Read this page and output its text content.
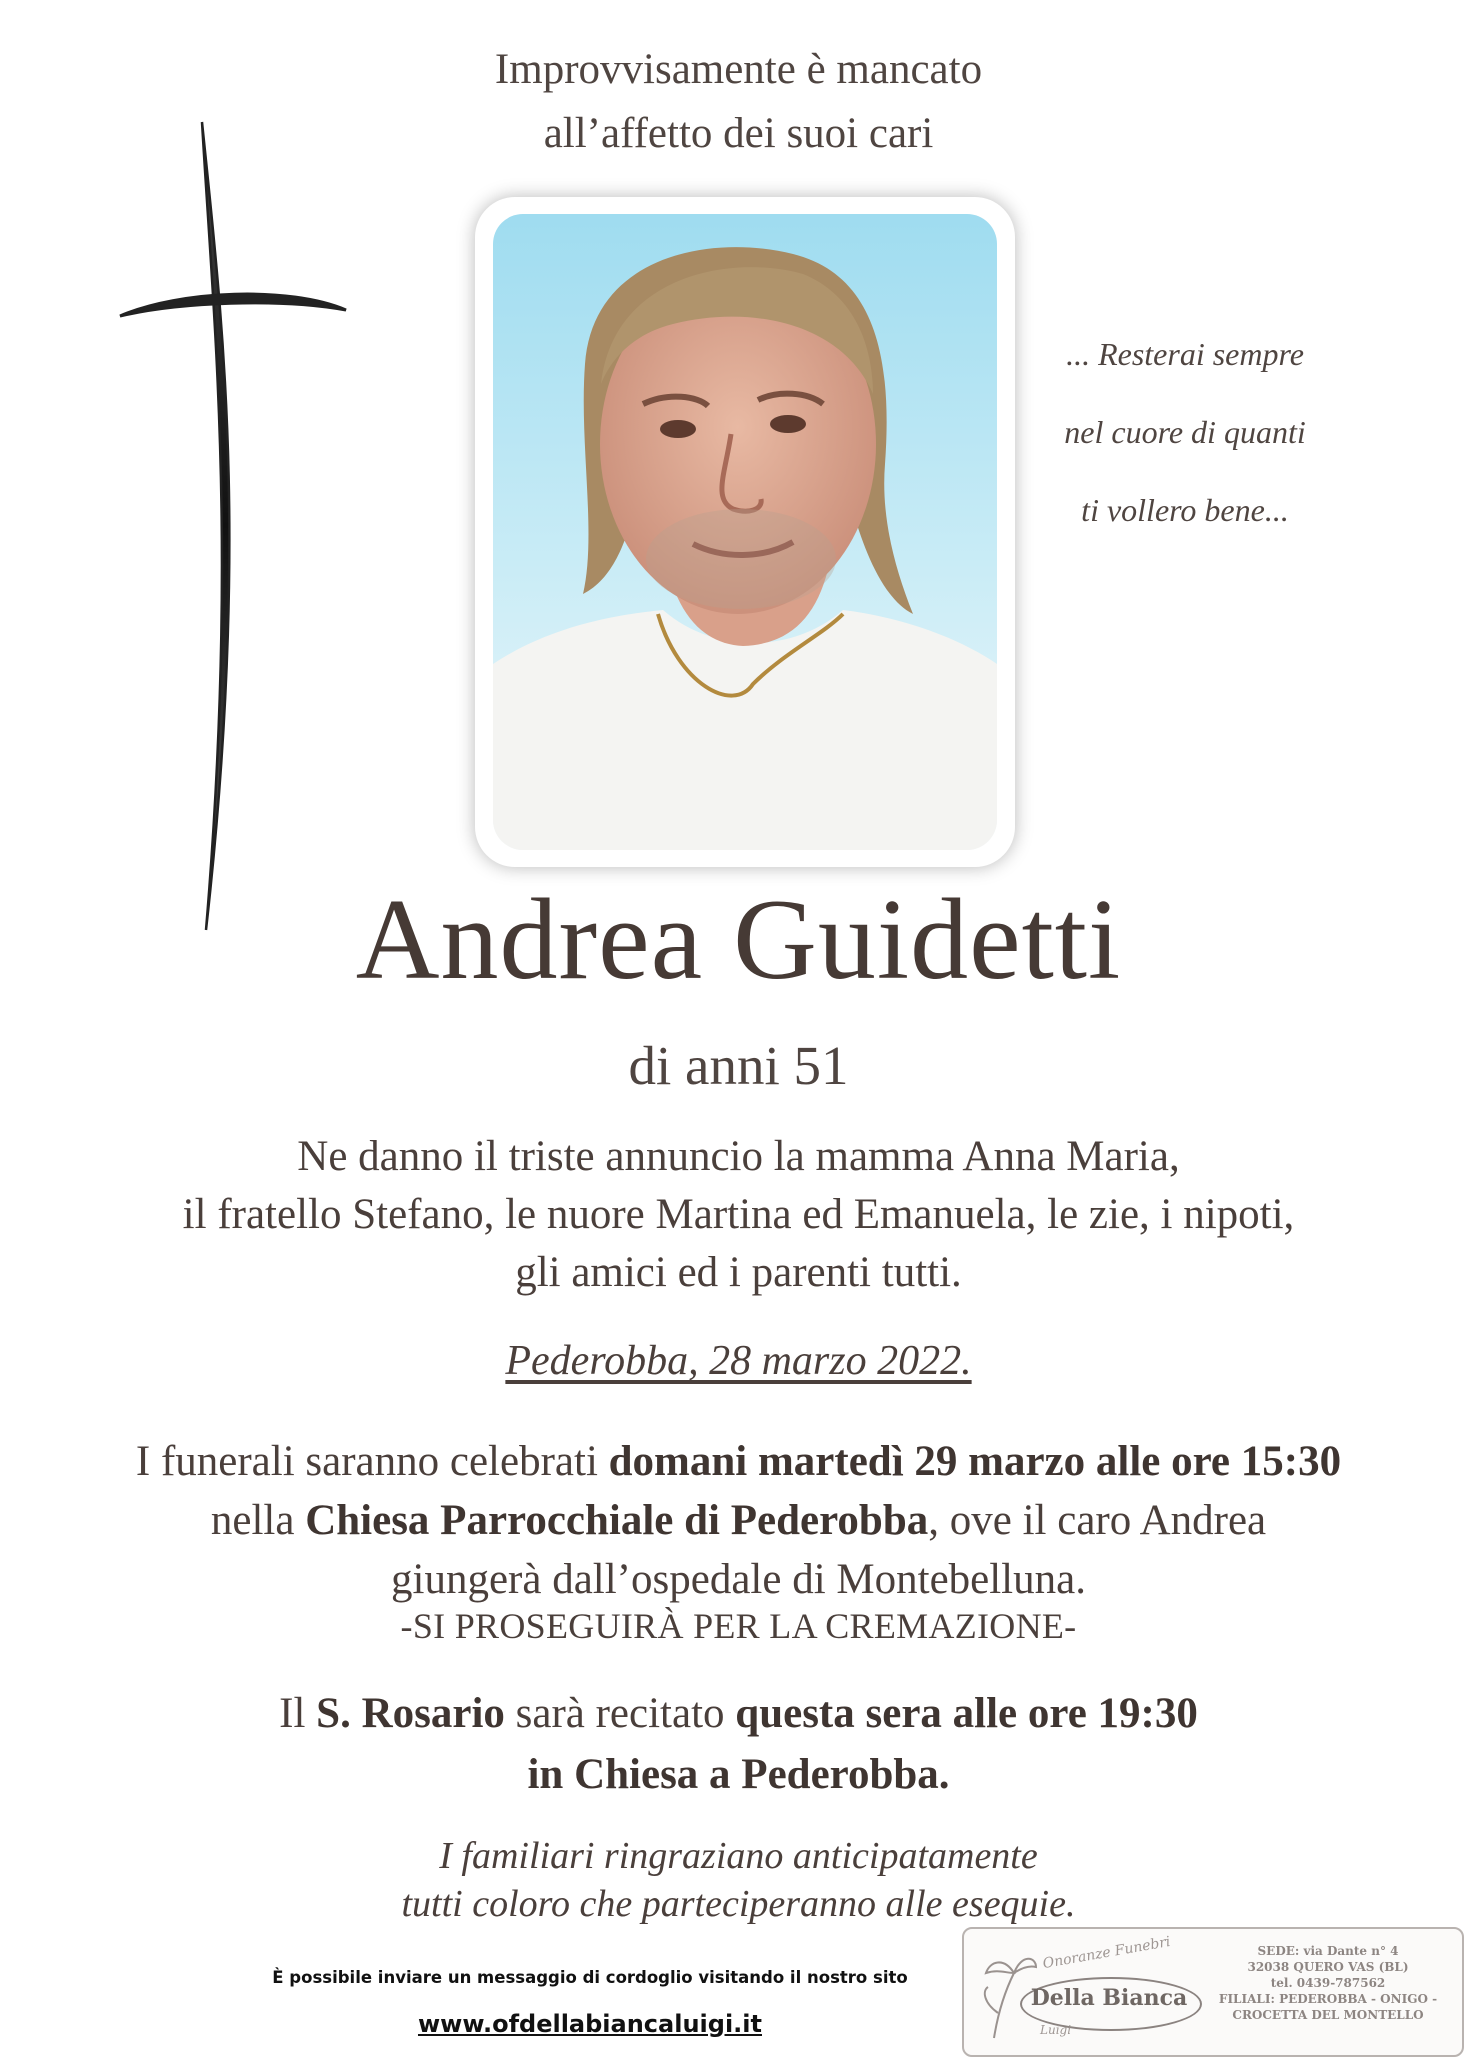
Improvvisamente è mancato
all’affetto dei suoi cari
... Resterai sempre
nel cuore di quanti
ti vollero bene...
Andrea Guidetti
di anni 51
Ne danno il triste annuncio la mamma Anna Maria,
il fratello Stefano, le nuore Martina ed Emanuela, le zie, i nipoti,
gli amici ed i parenti tutti.
Pederobba, 28 marzo 2022.
I funerali saranno celebrati domani martedì 29 marzo alle ore 15:30
nella Chiesa Parrocchiale di Pederobba, ove il caro Andrea
giungerà dall’ospedale di Montebelluna.
-SI PROSEGUIRÀ PER LA CREMAZIONE-
Il S. Rosario sarà recitato questa sera alle ore 19:30
in Chiesa a Pederobba.
I familiari ringraziano anticipatamente
tutti coloro che parteciperanno alle esequie.
È possibile inviare un messaggio di cordoglio visitando il nostro sito
www.ofdellabiancaluigi.it
Onoranze Funebri
Della Bianca
Luigi
SEDE: via Dante n° 4
32038 QUERO VAS (BL)
tel. 0439-787562
FILIALI: PEDEROBBA - ONIGO -
CROCETTA DEL MONTELLO
